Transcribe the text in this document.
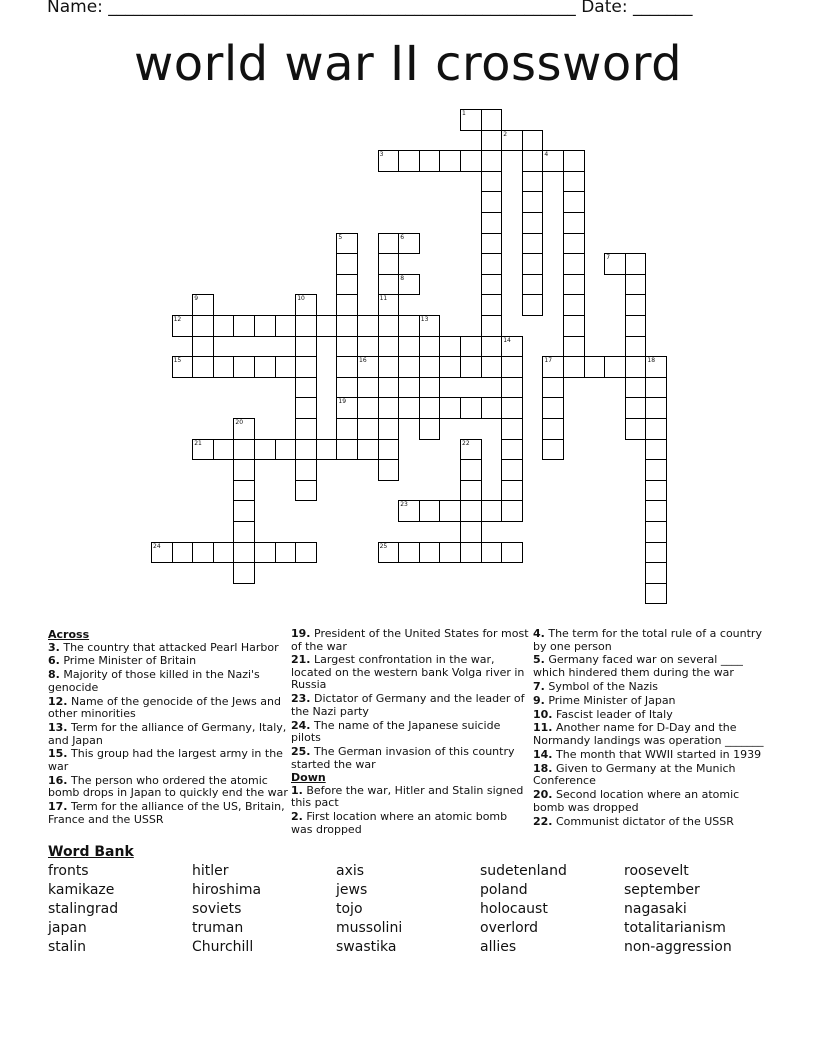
Name: _______________________________________________________ Date: _______
world war II crossword
3
11
5
19
9	10
13
12
15	16	17	18
14
20
21	22
23
24	25
1
2
4
6
7
8
Across
3. The country that attacked Pearl Harbor
6. Prime Minister of Britain
8. Majority of those killed in the Nazi's genocide
12. Name of the genocide of the Jews and other minorities
13. Term for the alliance of Germany, Italy, and Japan
15. This group had the largest army in the war
16. The person who ordered the atomic bomb drops in Japan to quickly end the war
17. Term for the alliance of the US, Britain, France and the USSR
19. President of the United States for most of the war
21. Largest confrontation in the war, located on the western bank Volga river in Russia
23. Dictator of Germany and the leader of the Nazi party
24. The name of the Japanese suicide pilots
25. The German invasion of this country started the war
Down
1. Before the war, Hitler and Stalin signed this pact
2. First location where an atomic bomb was dropped
4. The term for the total rule of a country by one person
5. Germany faced war on several ____ which hindered them during the war
7. Symbol of the Nazis
9. Prime Minister of Japan
10. Fascist leader of Italy
11. Another name for D-Day and the Normandy landings was operation _______
14. The month that WWII started in 1939
18. Given to Germany at the Munich Conference
20. Second location where an atomic bomb was dropped
22. Communist dictator of the USSR
Word Bank
fronts
kamikaze
stalingrad
japan
stalin
hitler
hiroshima
soviets
truman
Churchill
axis
jews
tojo
mussolini
swastika
sudetenland
poland
holocaust
overlord
allies
roosevelt
september
nagasaki
totalitarianism
non-aggression
